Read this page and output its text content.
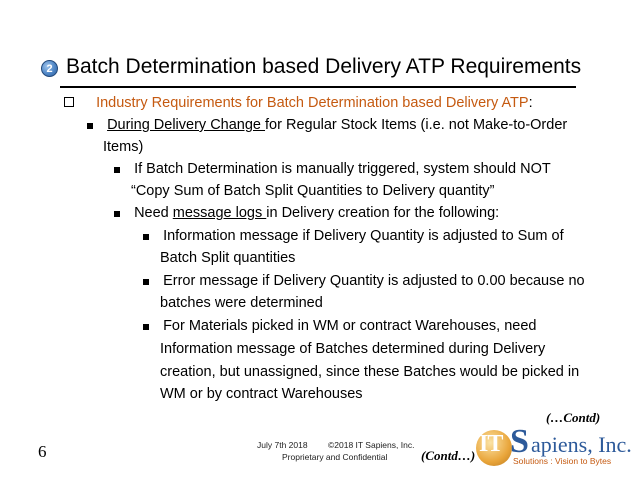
2 Batch Determination based Delivery ATP Requirements
Industry Requirements for Batch Determination based Delivery ATP:
During Delivery Change for Regular Stock Items (i.e. not Make-to-Order
Items)
If Batch Determination is manually triggered, system should NOT
“Copy Sum of Batch Split Quantities to Delivery quantity”
Need message logs in Delivery creation for the following:
Information message if Delivery Quantity is adjusted to Sum of
Batch Split quantities
Error message if Delivery Quantity is adjusted to 0.00 because no
batches were determined
For Materials picked in WM or contract Warehouses, need
Information message of Batches determined during Delivery
creation, but unassigned, since these Batches would be picked in
WM or by contract Warehouses
(…Contd)
6	July 7th 2018 ©2018 IT Sapiens, Inc.
Proprietary and Confidential	(Contd…) IT S apiens, Inc.
Solutions : Vision to Bytes
